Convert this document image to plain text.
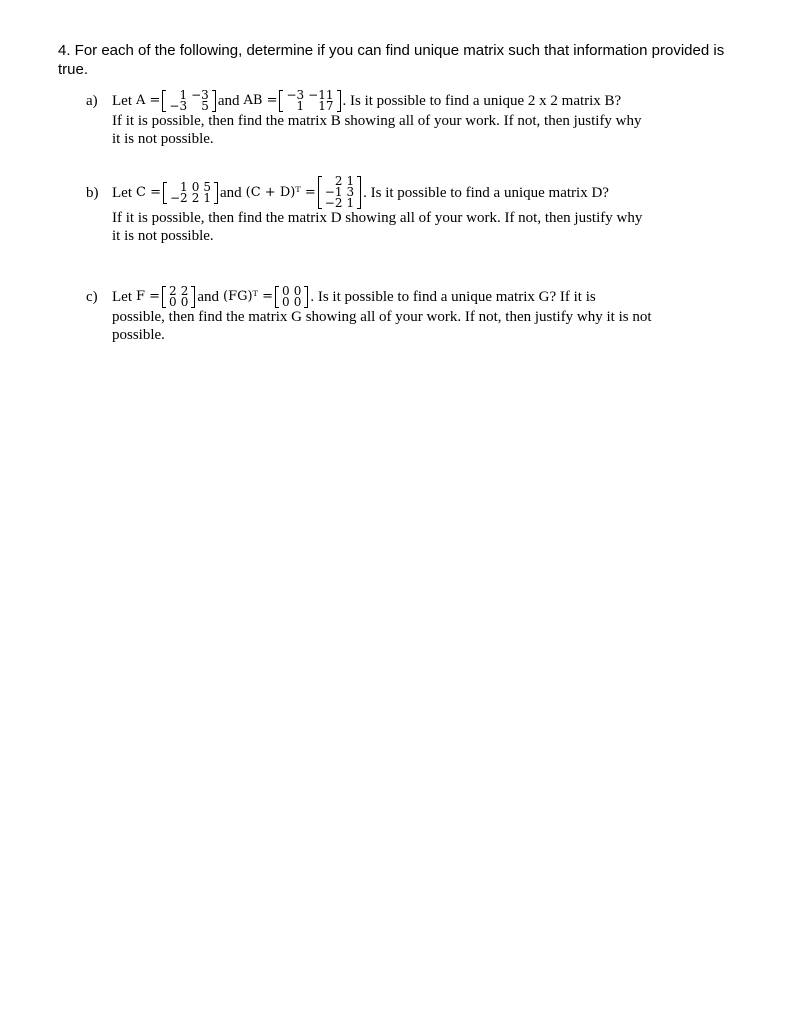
4. For each of the following, determine if you can find unique matrix such that information provided is true.
a) Let A = 1	−3
−3	5 and AB = −3	−11
1	17 . Is it possible to find a unique 2 x 2 matrix B?
If it is possible, then find the matrix B showing all of your work. If not, then justify why
it is not possible.
b) Let C = 1	0	5
−2	2	1 and (C + D)ᵀ =
2	1
−1	3
−2	1
. Is it possible to find a unique matrix D?
If it is possible, then find the matrix D showing all of your work. If not, then justify why
it is not possible.
c) Let F = 2	2
0	0 and (FG)ᵀ = 0	0
0	0 . Is it possible to find a unique matrix G? If it is
possible, then find the matrix G showing all of your work. If not, then justify why it is not
possible.
